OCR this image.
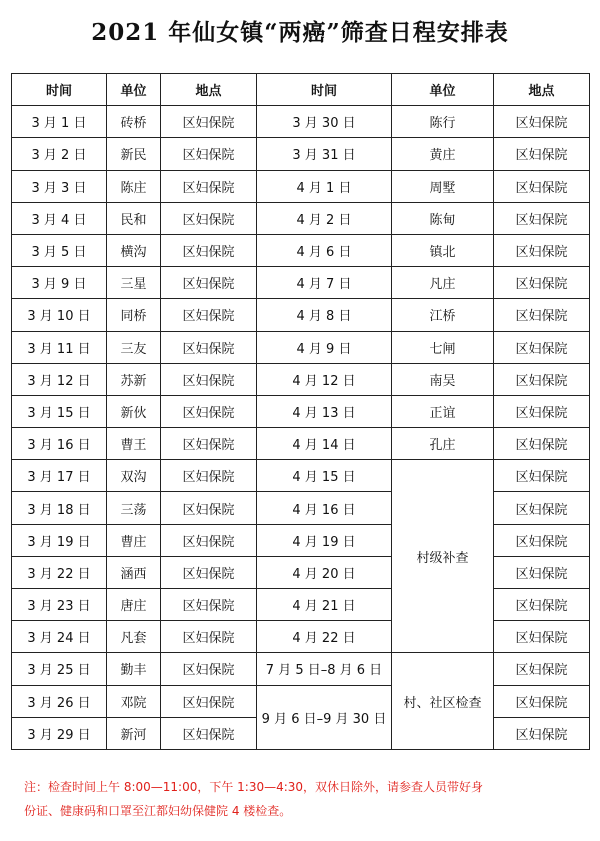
2021 年仙女镇“两癌”筛查日程安排表
时间	单位	地点	时间	单位	地点
3 月 1 日	砖桥	区妇保院	3 月 30 日	陈行	区妇保院
3 月 2 日	新民	区妇保院	3 月 31 日	黄庄	区妇保院
3 月 3 日	陈庄	区妇保院	4 月 1 日	周墅	区妇保院
3 月 4 日	民和	区妇保院	4 月 2 日	陈甸	区妇保院
3 月 5 日	横沟	区妇保院	4 月 6 日	镇北	区妇保院
3 月 9 日	三星	区妇保院	4 月 7 日	凡庄	区妇保院
3 月 10 日	同桥	区妇保院	4 月 8 日	江桥	区妇保院
3 月 11 日	三友	区妇保院	4 月 9 日	七闸	区妇保院
3 月 12 日	苏新	区妇保院	4 月 12 日	南吴	区妇保院
3 月 15 日	新伙	区妇保院	4 月 13 日	正谊	区妇保院
3 月 16 日	曹王	区妇保院	4 月 14 日	孔庄	区妇保院
3 月 17 日	双沟	区妇保院	4 月 15 日	村级补查	区妇保院
3 月 18 日	三荡	区妇保院	4 月 16 日		区妇保院
3 月 19 日	曹庄	区妇保院	4 月 19 日		区妇保院
3 月 22 日	涵西	区妇保院	4 月 20 日		区妇保院
3 月 23 日	唐庄	区妇保院	4 月 21 日		区妇保院
3 月 24 日	凡套	区妇保院	4 月 22 日		区妇保院
3 月 25 日	勤丰	区妇保院	7 月 5 日–8 月 6 日	村、社区检查	区妇保院
3 月 26 日	邓院	区妇保院	9 月 6 日–9 月 30 日		区妇保院
3 月 29 日	新河	区妇保院			区妇保院
注：检查时间上午 8:00—11:00，下午 1:30—4:30，双休日除外，请参查人员带好身
份证、健康码和口罩至江都妇幼保健院 4 楼检查。
